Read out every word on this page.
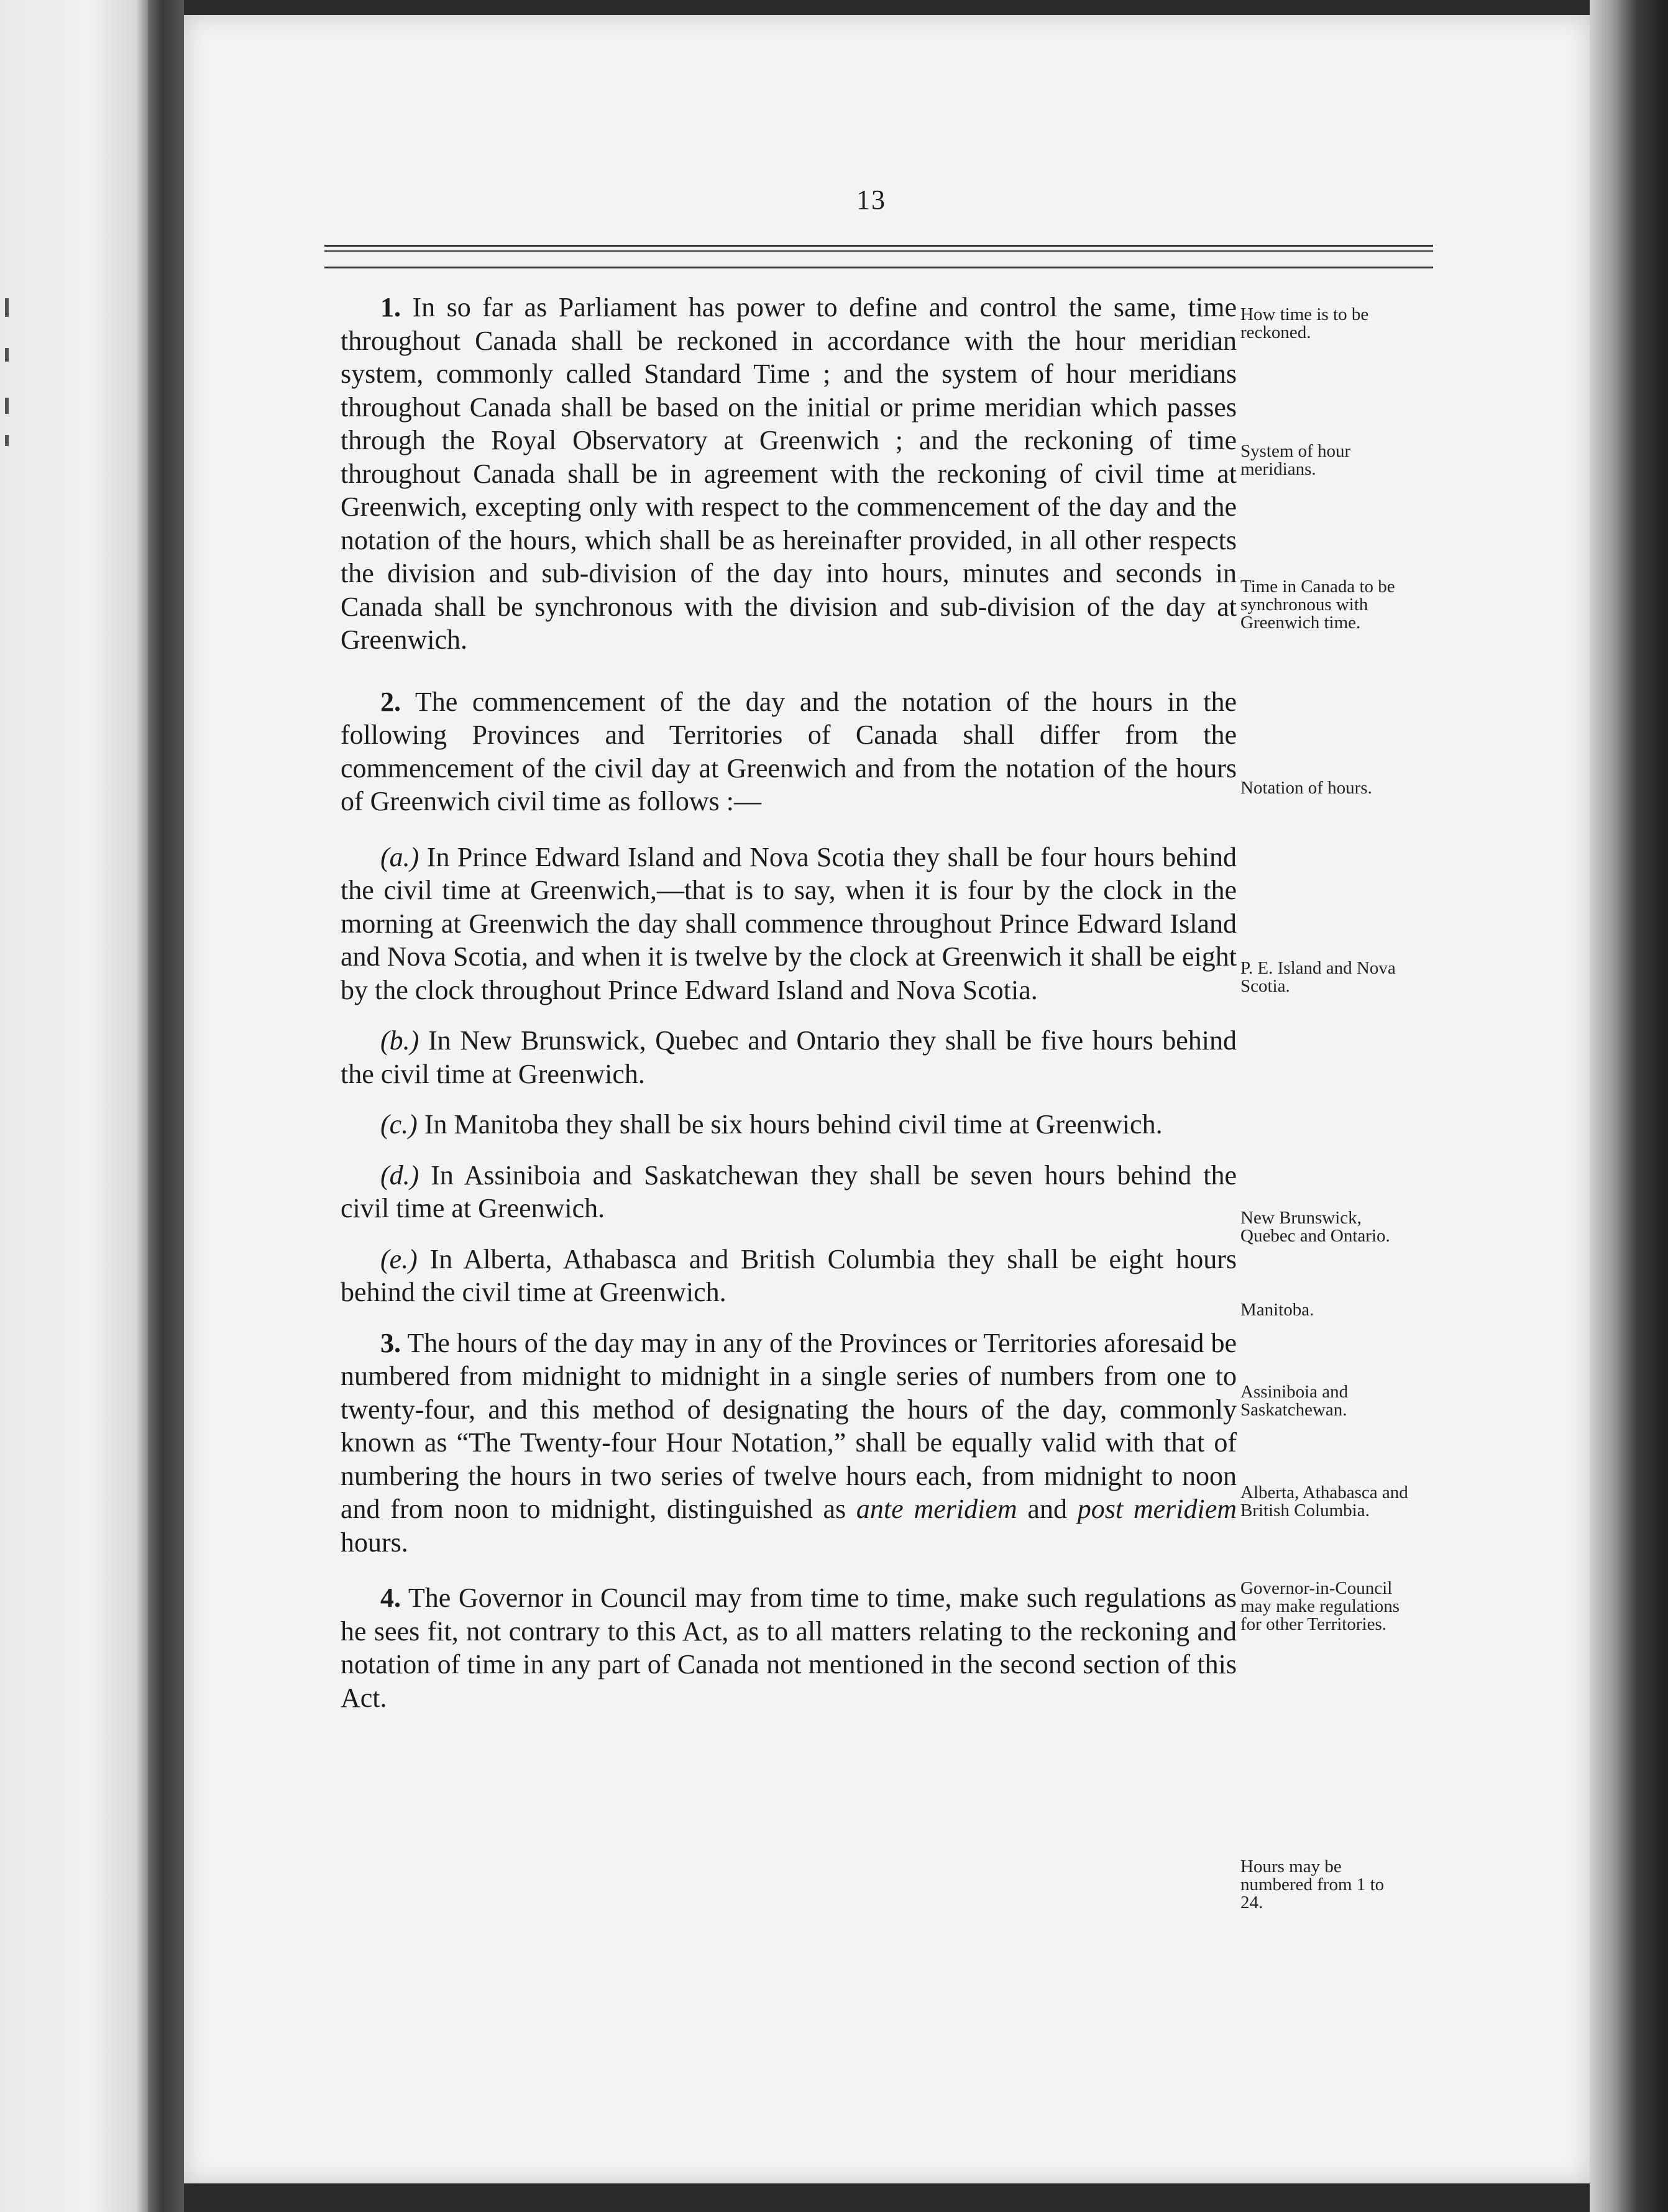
13

1. In so far as Parliament has power to define and control the same, time throughout Canada shall be reckoned in accordance with the hour meridian system, commonly called Standard Time ; and the system of hour meridians throughout Canada shall be based on the initial or prime meridian which passes through the Royal Observatory at Greenwich ; and the reckoning of time throughout Canada shall be in agreement with the reckoning of civil time at Greenwich, excepting only with respect to the commencement of the day and the notation of the hours, which shall be as hereinafter provided, in all other respects the division and sub-division of the day into hours, minutes and seconds in Canada shall be synchronous with the division and sub-division of the day at Greenwich.

2. The commencement of the day and the notation of the hours in the following Provinces and Territories of Canada shall differ from the commencement of the civil day at Greenwich and from the notation of the hours of Greenwich civil time as follows :—

(a.) In Prince Edward Island and Nova Scotia they shall be four hours behind the civil time at Greenwich,—that is to say, when it is four by the clock in the morning at Greenwich the day shall commence throughout Prince Edward Island and Nova Scotia, and when it is twelve by the clock at Greenwich it shall be eight by the clock throughout Prince Edward Island and Nova Scotia.

(b.) In New Brunswick, Quebec and Ontario they shall be five hours behind the civil time at Greenwich.

(c.) In Manitoba they shall be six hours behind civil time at Greenwich.

(d.) In Assiniboia and Saskatchewan they shall be seven hours behind the civil time at Greenwich.

(e.) In Alberta, Athabasca and British Columbia they shall be eight hours behind the civil time at Greenwich.

3. The hours of the day may in any of the Provinces or Territories aforesaid be numbered from midnight to midnight in a single series of numbers from one to twenty-four, and this method of designating the hours of the day, commonly known as “The Twenty-four Hour Notation,” shall be equally valid with that of numbering the hours in two series of twelve hours each, from midnight to noon and from noon to midnight, distinguished as ante meridiem and post meridiem hours.

4. The Governor in Council may from time to time, make such regulations as he sees fit, not contrary to this Act, as to all matters relating to the reckoning and notation of time in any part of Canada not mentioned in the second section of this Act.

How time is to be reckoned.
System of hour meridians.
Time in Canada to be synchronous with Greenwich time.
Notation of hours.
P. E. Island and Nova Scotia.
New Brunswick, Quebec and Ontario.
Manitoba.
Assiniboia and Saskatchewan.
Alberta, Athabasca and British Columbia.
Governor-in-Council may make regulations for other Territories.
Hours may be numbered from 1 to 24.
